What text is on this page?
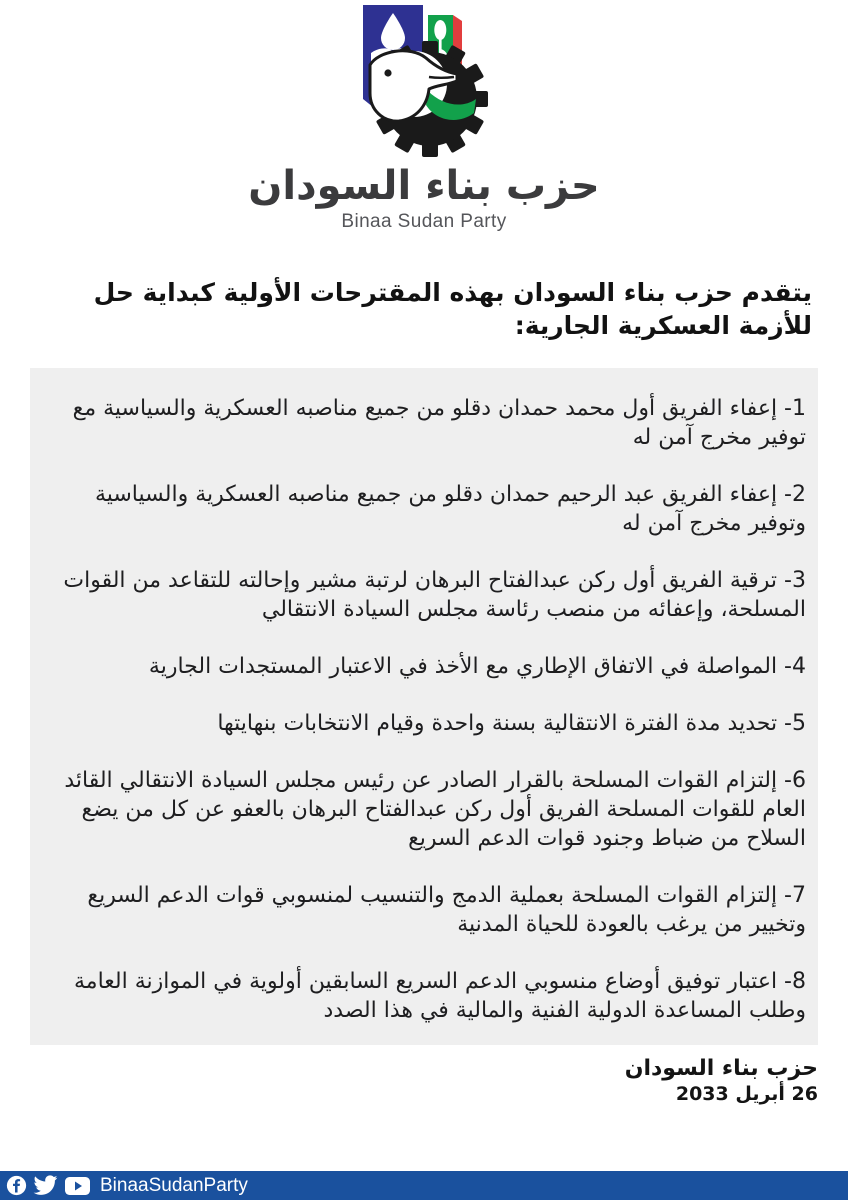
حزب بناء السودان
Binaa Sudan Party
يتقدم حزب بناء السودان بهذه المقترحات الأولية كبداية حل للأزمة العسكرية الجارية:
1- إعفاء الفريق أول محمد حمدان دقلو من جميع مناصبه العسكرية والسياسية مع توفير مخرج آمن له
2- إعفاء الفريق عبد الرحيم حمدان دقلو من جميع مناصبه العسكرية والسياسية وتوفير مخرج آمن له
3- ترقية الفريق أول ركن عبدالفتاح البرهان لرتبة مشير وإحالته للتقاعد من القوات المسلحة، وإعفائه من منصب رئاسة مجلس السيادة الانتقالي
4- المواصلة في الاتفاق الإطاري مع الأخذ في الاعتبار المستجدات الجارية
5- تحديد مدة الفترة الانتقالية بسنة واحدة وقيام الانتخابات بنهايتها
6- إلتزام القوات المسلحة بالقرار الصادر عن رئيس مجلس السيادة الانتقالي القائد العام للقوات المسلحة الفريق أول ركن عبدالفتاح البرهان بالعفو عن كل من يضع السلاح من ضباط وجنود قوات الدعم السريع
7- إلتزام القوات المسلحة بعملية الدمج والتنسيب لمنسوبي قوات الدعم السريع وتخيير من يرغب بالعودة للحياة المدنية
8- اعتبار توفيق أوضاع منسوبي الدعم السريع السابقين أولوية في الموازنة العامة وطلب المساعدة الدولية الفنية والمالية في هذا الصدد
حزب بناء السودان
26 أبريل 2033
BinaaSudanParty
